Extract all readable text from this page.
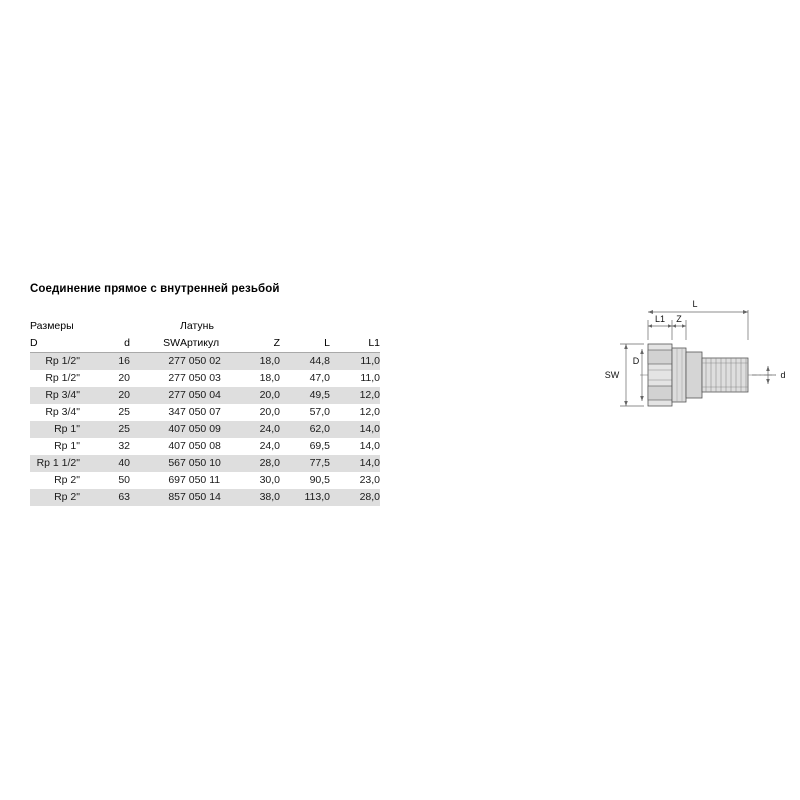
Соединение прямое с внутренней резьбой
Размеры			Латунь			
D	d	SW	Артикул	Z	L	L1
Rp 1/2"	16	27	7 050 02	18,0	44,8	11,0
Rp 1/2"	20	27	7 050 03	18,0	47,0	11,0
Rp 3/4"	20	27	7 050 04	20,0	49,5	12,0
Rp 3/4"	25	34	7 050 07	20,0	57,0	12,0
Rp 1"	25	40	7 050 09	24,0	62,0	14,0
Rp 1"	32	40	7 050 08	24,0	69,5	14,0
Rp 1 1/2"	40	56	7 050 10	28,0	77,5	14,0
Rp 2"	50	69	7 050 11	30,0	90,5	23,0
Rp 2"	63	85	7 050 14	38,0	113,0	28,0
L
L1 Z
SW
D
d
